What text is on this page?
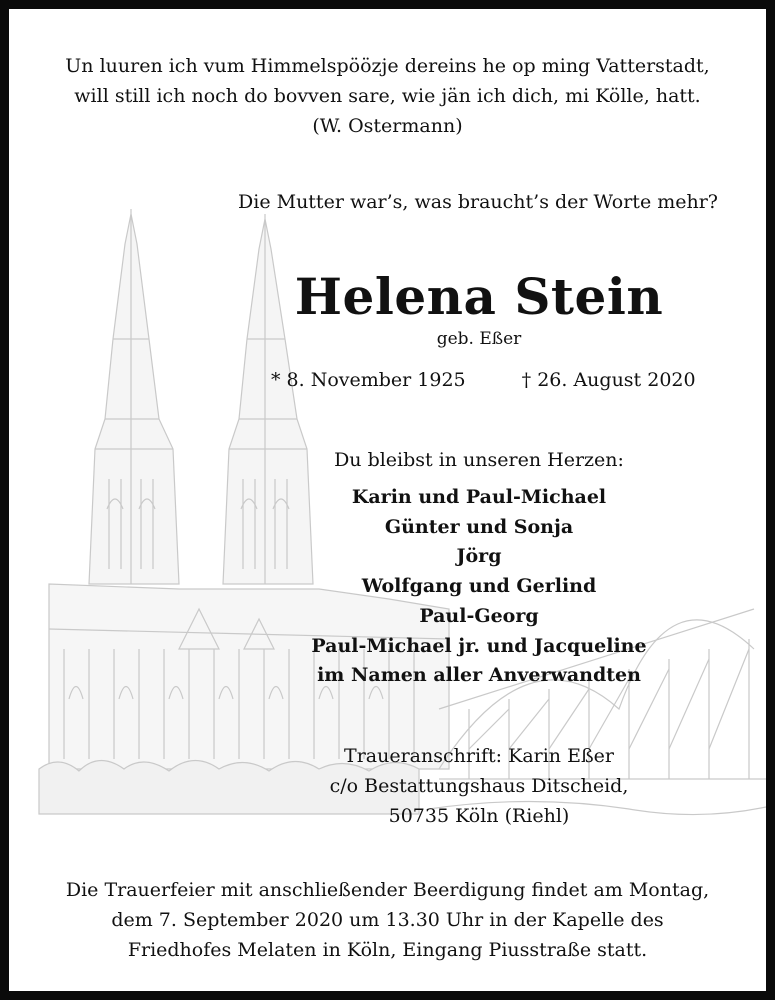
Un luuren ich vum Himmelspöözje dereins he op ming Vatterstadt,
will still ich noch do bovven sare, wie jän ich dich, mi Kölle, hatt.
(W. Ostermann)
Die Mutter war’s, was braucht’s der Worte mehr?
Helena Stein
geb. Eßer
* 8. November 1925	† 26. August 2020
Du bleibst in unseren Herzen:
Karin und Paul-Michael
Günter und Sonja
Jörg
Wolfgang und Gerlind
Paul-Georg
Paul-Michael jr. und Jacqueline
im Namen aller Anverwandten
Traueranschrift: Karin Eßer
c/o Bestattungshaus Ditscheid,
50735 Köln (Riehl)
Die Trauerfeier mit anschließender Beerdigung findet am Montag,
dem 7. September 2020 um 13.30 Uhr in der Kapelle des
Friedhofes Melaten in Köln, Eingang Piusstraße statt.
